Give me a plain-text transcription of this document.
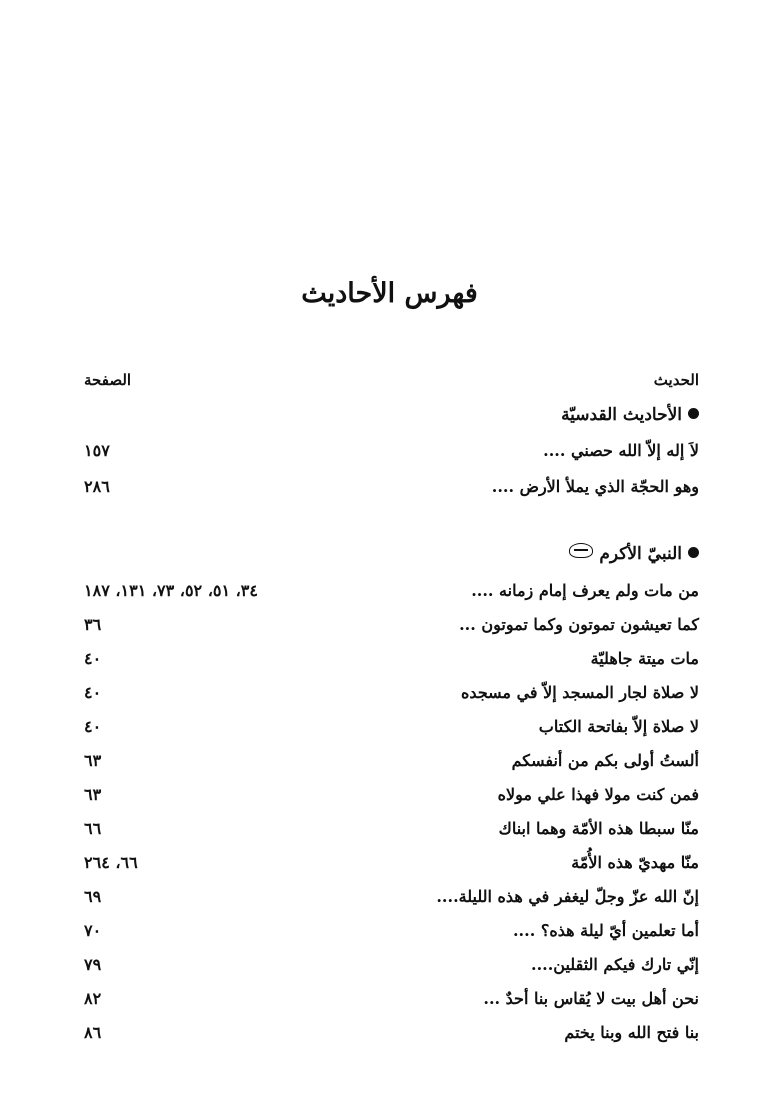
فهرس الأحاديث
الحديث
الصفحة
الأحاديث القدسيّة
لاَ إله إلاّ الله حصني ....
١٥٧
وهو الحجّة الذي يملأ الأرض ....
٢٨٦
النبيّ الأكرم
من مات ولم يعرف إمام زمانه ....
٣٤، ٥١، ٥٢، ٧٣، ١٣١، ١٨٧
كما تعيشون تموتون وكما تموتون ...
٣٦
مات ميتة جاهليّة
٤٠
لا صلاة لجار المسجد إلاّ في مسجده
٤٠
لا صلاة إلاّ بفاتحة الكتاب
٤٠
ألستُ أولى بكم من أنفسكم
٦٣
فمن كنت مولا فهذا علي مولاه
٦٣
منّا سبطا هذه الأمّة وهما ابناك
٦٦
منّا مهديّ هذه الأُمّة
٦٦، ٢٦٤
إنّ الله عزّ وجلّ ليغفر في هذه الليلة....
٦٩
أما تعلمين أيّ ليلة هذه؟ ....
٧٠
إنّي تارك فيكم الثقلين....
٧٩
نحن أهل بيت لا يُقاس بنا أحدٌ ...
٨٢
بنا فتح الله وبنا يختم
٨٦
